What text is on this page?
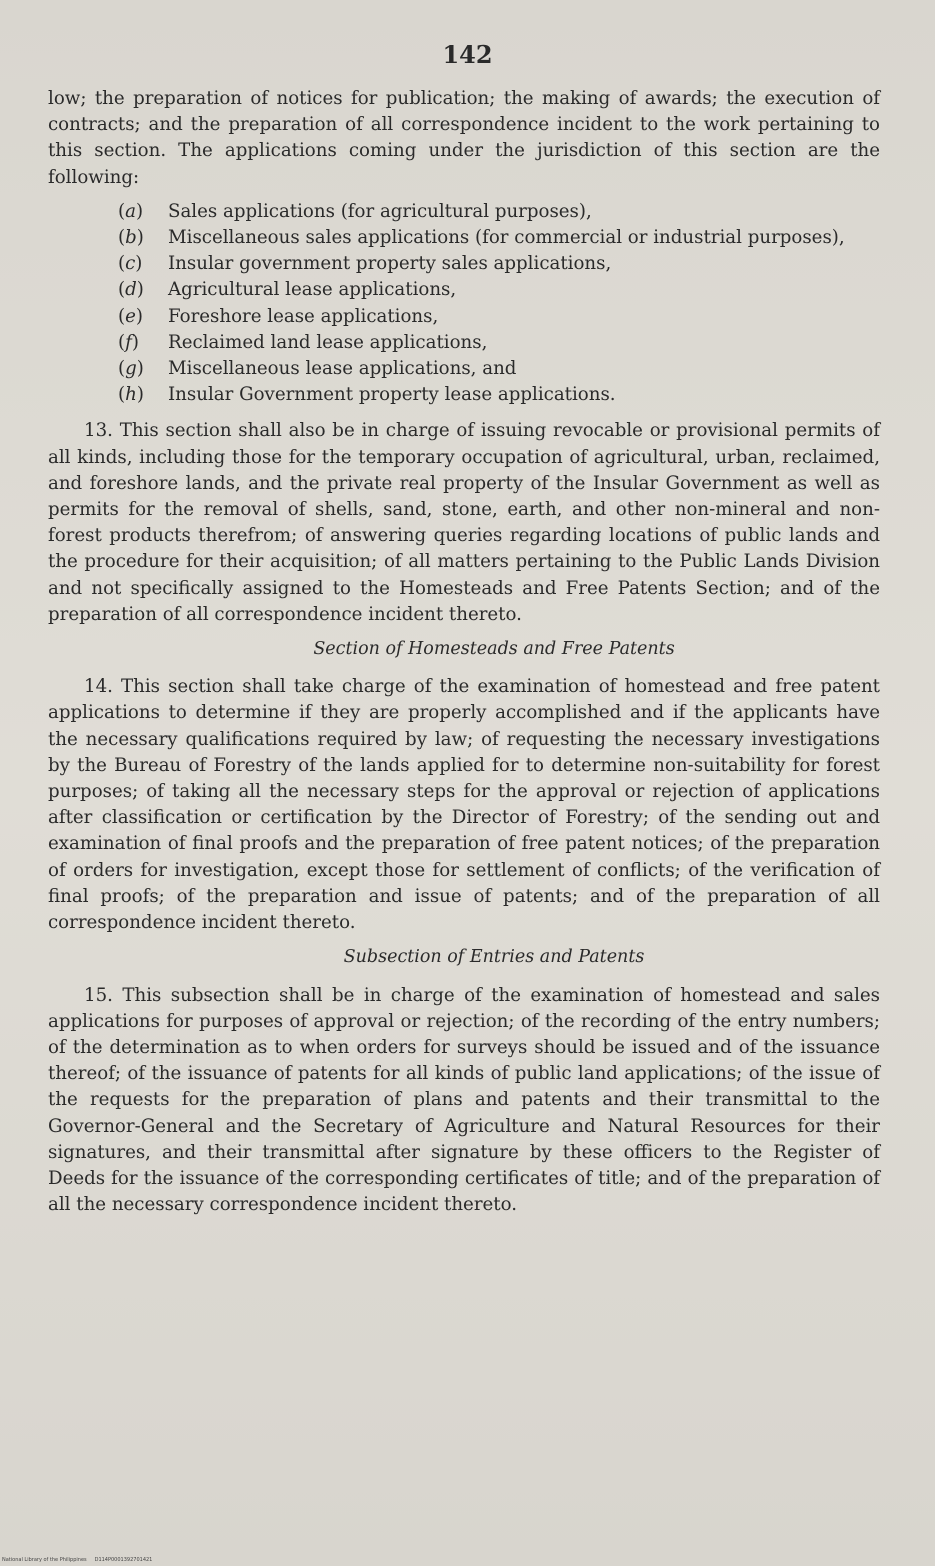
142

low; the preparation of notices for publication; the making of awards; the execution of contracts; and the preparation of all correspondence incident to the work pertaining to this section. The applications coming under the jurisdiction of this section are the following:

(a) Sales applications (for agricultural purposes),
(b) Miscellaneous sales applications (for commercial or industrial purposes),
(c) Insular government property sales applications,
(d) Agricultural lease applications,
(e) Foreshore lease applications,
(f) Reclaimed land lease applications,
(g) Miscellaneous lease applications, and
(h) Insular Government property lease applications.

13. This section shall also be in charge of issuing revocable or provisional permits of all kinds, including those for the temporary occupation of agricultural, urban, reclaimed, and foreshore lands, and the private real property of the Insular Government as well as permits for the removal of shells, sand, stone, earth, and other non-mineral and non-forest products therefrom; of answering queries regarding locations of public lands and the procedure for their acquisition; of all matters pertaining to the Public Lands Division and not specifically assigned to the Homesteads and Free Patents Section; and of the preparation of all correspondence incident thereto.

Section of Homesteads and Free Patents

14. This section shall take charge of the examination of homestead and free patent applications to determine if they are properly accomplished and if the applicants have the necessary qualifications required by law; of requesting the necessary investigations by the Bureau of Forestry of the lands applied for to determine non-suitability for forest purposes; of taking all the necessary steps for the approval or rejection of applications after classification or certification by the Director of Forestry; of the sending out and examination of final proofs and the preparation of free patent notices; of the preparation of orders for investigation, except those for settlement of conflicts; of the verification of final proofs; of the preparation and issue of patents; and of the preparation of all correspondence incident thereto.

Subsection of Entries and Patents

15. This subsection shall be in charge of the examination of homestead and sales applications for purposes of approval or rejection; of the recording of the entry numbers; of the determination as to when orders for surveys should be issued and of the issuance thereof; of the issuance of patents for all kinds of public land applications; of the issue of the requests for the preparation of plans and patents and their transmittal to the Governor-General and the Secretary of Agriculture and Natural Resources for their signatures, and their transmittal after signature by these officers to the Register of Deeds for the issuance of the corresponding certificates of title; and of the preparation of all the necessary correspondence incident thereto.

National Library of the Philippines D114P0001392701421
